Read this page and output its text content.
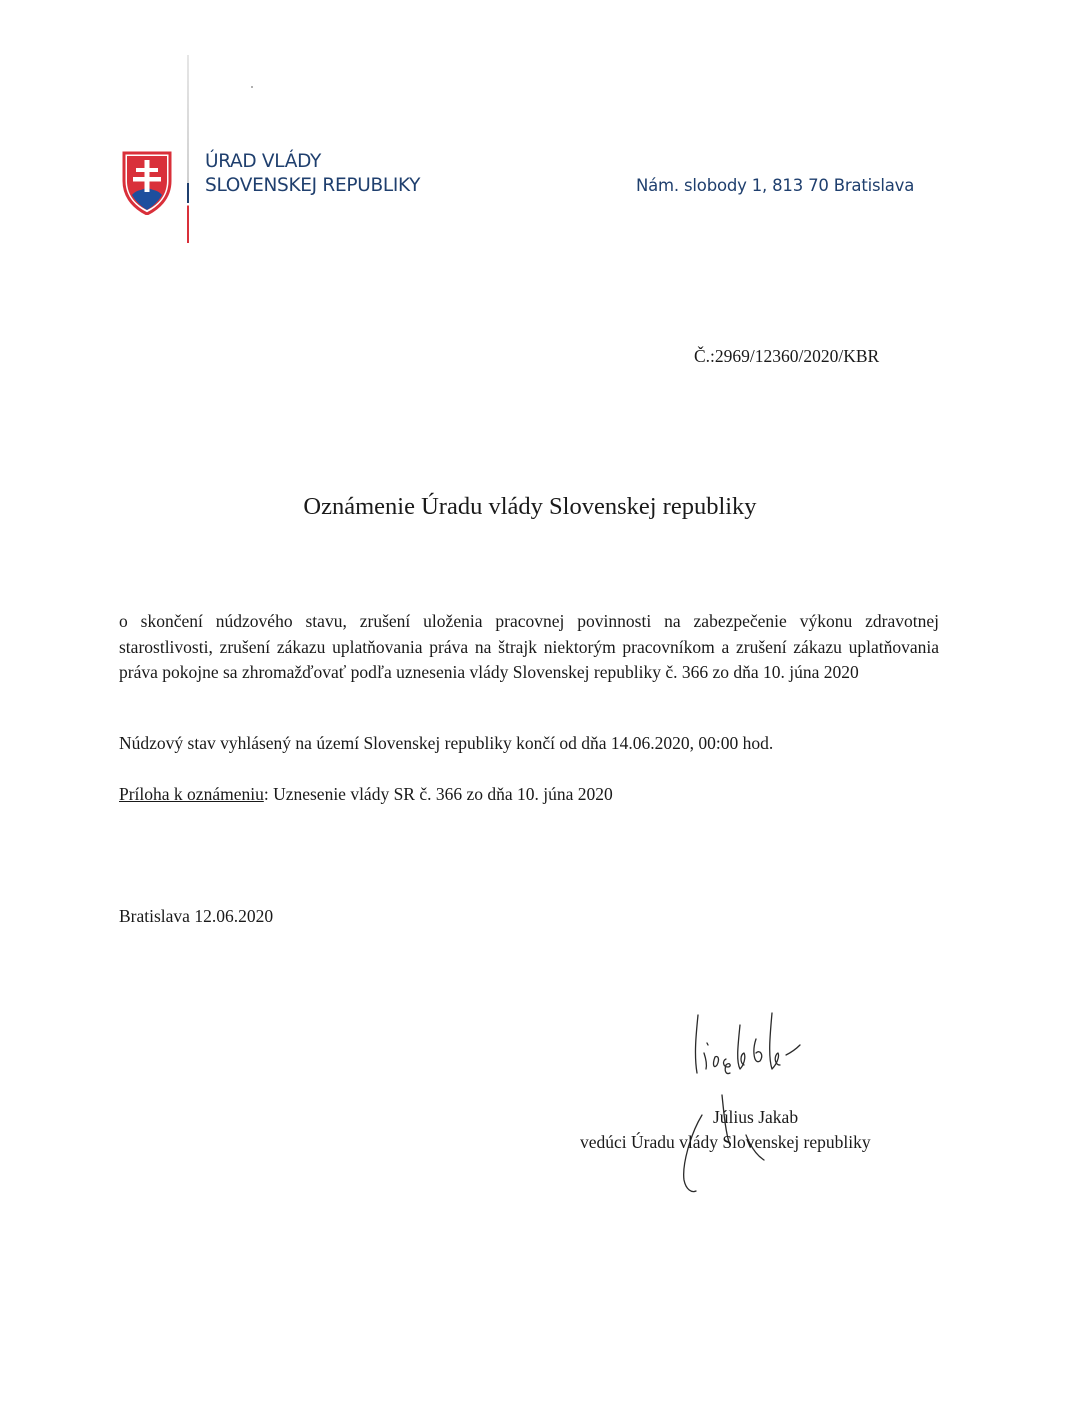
ÚRAD VLÁDY
SLOVENSKEJ REPUBLIKY	Nám. slobody 1, 813 70 Bratislava
Č.:2969/12360/2020/KBR
Oznámenie Úradu vlády Slovenskej republiky
o skončení núdzového stavu, zrušení uloženia pracovnej povinnosti na zabezpečenie výkonu zdravotnej starostlivosti, zrušení zákazu uplatňovania práva na štrajk niektorým pracovníkom a zrušení zákazu uplatňovania práva pokojne sa zhromažďovať podľa uznesenia vlády Slovenskej republiky č. 366 zo dňa 10. júna 2020
Núdzový stav vyhlásený na území Slovenskej republiky končí od dňa 14.06.2020, 00:00 hod.
Príloha k oznámeniu: Uznesenie vlády SR č. 366 zo dňa 10. júna 2020
Bratislava 12.06.2020
Július Jakab
vedúci Úradu vlády Slovenskej republiky
